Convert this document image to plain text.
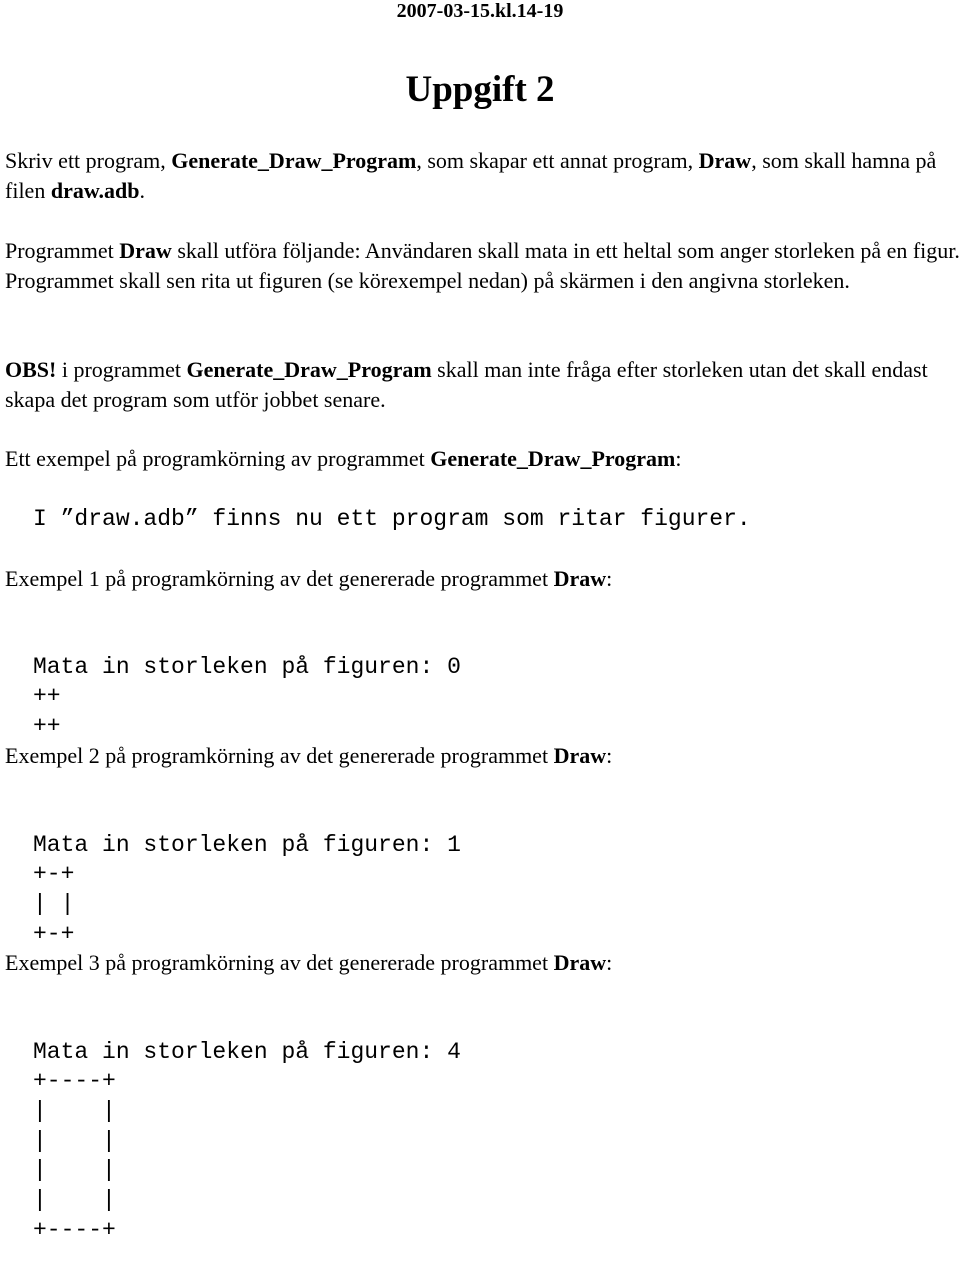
2007-03-15.kl.14-19
Uppgift 2

Skriv ett program, Generate_Draw_Program, som skapar ett annat program, Draw, som skall hamna på filen draw.adb.

Programmet Draw skall utföra följande: Användaren skall mata in ett heltal som anger storleken på en figur. Programmet skall sen rita ut figuren (se körexempel nedan) på skärmen i den angivna storleken.

OBS! i programmet Generate_Draw_Program skall man inte fråga efter storleken utan det skall endast skapa det program som utför jobbet senare.

Ett exempel på programkörning av programmet Generate_Draw_Program:

I ”draw.adb” finns nu ett program som ritar figurer.

Exempel 1 på programkörning av det genererade programmet Draw:

Mata in storleken på figuren: 0
++
++

Exempel 2 på programkörning av det genererade programmet Draw:

Mata in storleken på figuren: 1
+-+
| |
+-+

Exempel 3 på programkörning av det genererade programmet Draw:

Mata in storleken på figuren: 4
+----+
|    |
|    |
|    |
|    |
+----+
